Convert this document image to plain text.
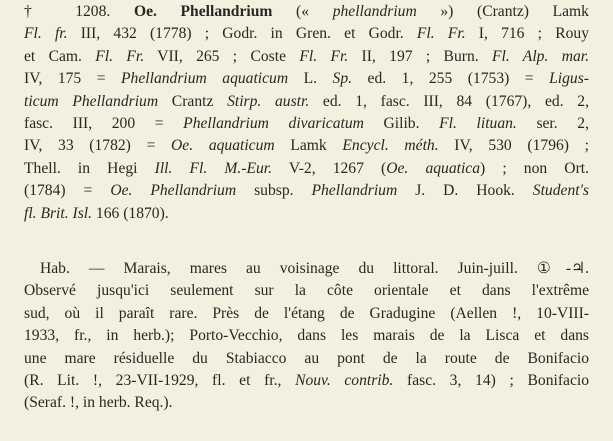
† 1208. Oe. Phellandrium (« phellandrium ») (Crantz) Lamk
Fl. fr. III, 432 (1778) ; Godr. in Gren. et Godr. Fl. Fr. I, 716 ; Rouy
et Cam. Fl. Fr. VII, 265 ; Coste Fl. Fr. II, 197 ; Burn. Fl. Alp. mar.
IV, 175 = Phellandrium aquaticum L. Sp. ed. 1, 255 (1753) = Ligus-
ticum Phellandrium Crantz Stirp. austr. ed. 1, fasc. III, 84 (1767), ed. 2,
fasc. III, 200 = Phellandrium divaricatum Gilib. Fl. lituan. ser. 2,
IV, 33 (1782) = Oe. aquaticum Lamk Encycl. méth. IV, 530 (1796) ;
Thell. in Hegi Ill. Fl. M.-Eur. V-2, 1267 (Oe. aquatica) ; non Ort.
(1784) = Oe. Phellandrium subsp. Phellandrium J. D. Hook. Student's
fl. Brit. Isl. 166 (1870).
Hab. — Marais, mares au voisinage du littoral. Juin-juill. ①-♃.
Observé jusqu'ici seulement sur la côte orientale et dans l'extrême
sud, où il paraît rare. Près de l'étang de Gradugine (Aellen !, 10-VIII-
1933, fr., in herb.); Porto-Vecchio, dans les marais de la Lisca et dans
une mare résiduelle du Stabiacco au pont de la route de Bonifacio
(R. Lit. !, 23-VII-1929, fl. et fr., Nouv. contrib. fasc. 3, 14) ; Bonifacio
(Seraf. !, in herb. Req.).
